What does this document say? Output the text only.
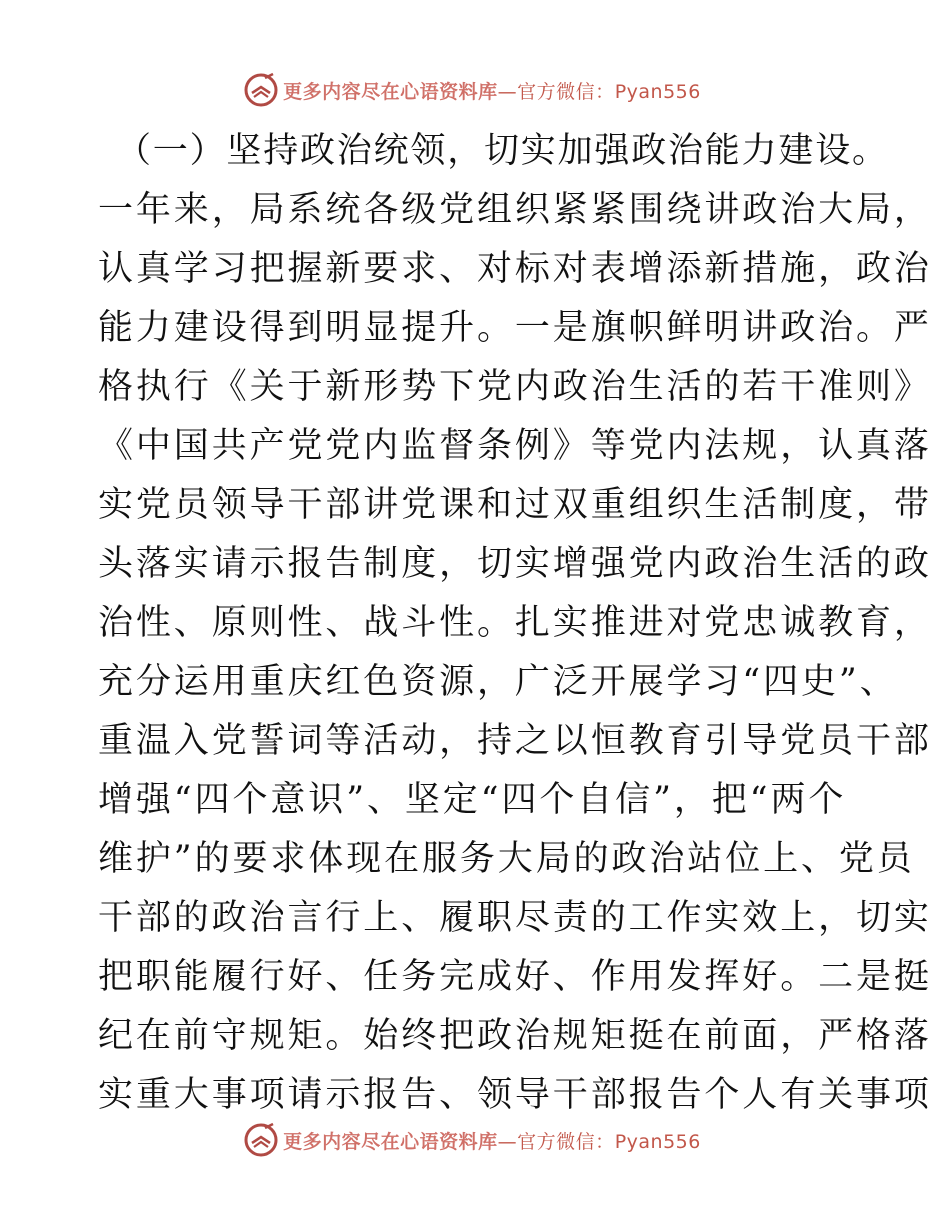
更多内容尽在心语资料库—官方微信：Pyan556
（一）坚持政治统领，切实加强政治能力建设。
一年来，局系统各级党组织紧紧围绕讲政治大局，
认真学习把握新要求、对标对表增添新措施，政治
能力建设得到明显提升。一是旗帜鲜明讲政治。严
格执行《关于新形势下党内政治生活的若干准则》
《中国共产党党内监督条例》等党内法规，认真落
实党员领导干部讲党课和过双重组织生活制度，带
头落实请示报告制度，切实增强党内政治生活的政
治性、原则性、战斗性。扎实推进对党忠诚教育，
充分运用重庆红色资源，广泛开展学习“四史”、
重温入党誓词等活动，持之以恒教育引导党员干部
增强“四个意识”、坚定“四个自信”，把“两个
维护”的要求体现在服务大局的政治站位上、党员
干部的政治言行上、履职尽责的工作实效上，切实
把职能履行好、任务完成好、作用发挥好。二是挺
纪在前守规矩。始终把政治规矩挺在前面，严格落
实重大事项请示报告、领导干部报告个人有关事项
更多内容尽在心语资料库—官方微信：Pyan556
